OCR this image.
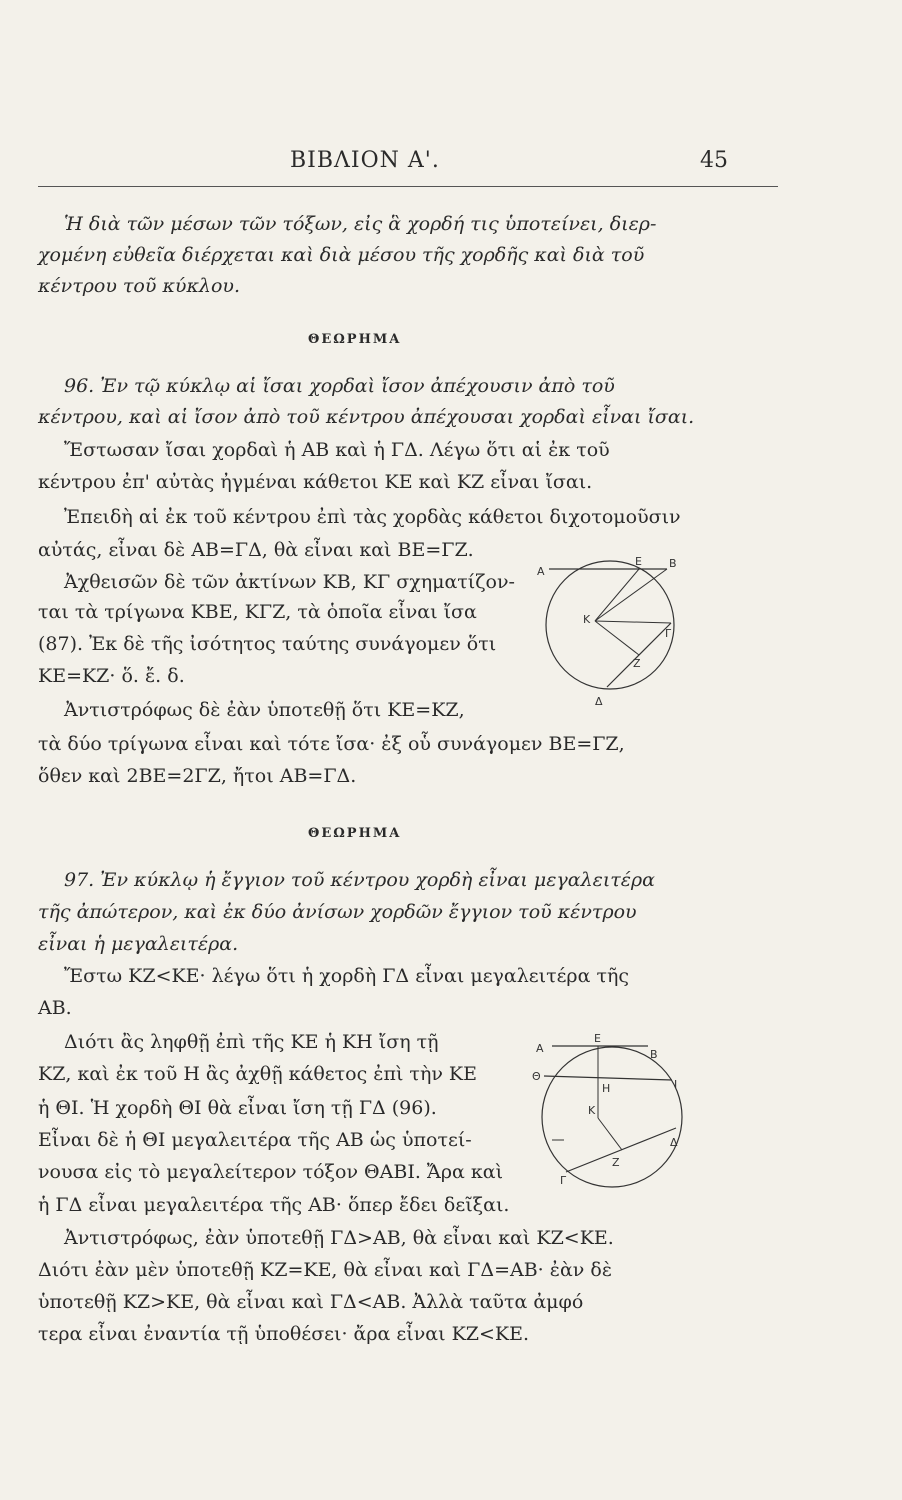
ΒΙΒΛΙΟΝ Α'.	45
Ἡ διὰ τῶν μέσων τῶν τόξων, εἰς ἃ χορδή τις ὑποτείνει, διερ-
χομένη εὐθεῖα διέρχεται καὶ διὰ μέσου τῆς χορδῆς καὶ διὰ τοῦ
κέντρου τοῦ κύκλου.
ΘΕΩΡΗΜΑ
96. Ἐν τῷ κύκλῳ αἱ ἴσαι χορδαὶ ἴσον ἀπέχουσιν ἀπὸ τοῦ
κέντρου, καὶ αἱ ἴσον ἀπὸ τοῦ κέντρου ἀπέχουσαι χορδαὶ εἶναι ἴσαι.
Ἔστωσαν ἴσαι χορδαὶ ἡ ΑΒ καὶ ἡ ΓΔ. Λέγω ὅτι αἱ ἐκ τοῦ
κέντρου ἐπ' αὐτὰς ἠγμέναι κάθετοι ΚΕ καὶ ΚΖ εἶναι ἴσαι.
Ἐπειδὴ αἱ ἐκ τοῦ κέντρου ἐπὶ τὰς χορδὰς κάθετοι διχοτομοῦσιν
αὐτάς, εἶναι δὲ ΑΒ=ΓΔ, θὰ εἶναι καὶ ΒΕ=ΓΖ.
Ἀχθεισῶν δὲ τῶν ἀκτίνων ΚΒ, ΚΓ σχηματίζον-
ται τὰ τρίγωνα ΚΒΕ, ΚΓΖ, τὰ ὁποῖα εἶναι ἴσα
(87). Ἐκ δὲ τῆς ἰσότητος ταύτης συνάγομεν ὅτι
ΚΕ=ΚΖ· ὅ. ἔ. δ.
Ἀντιστρόφως δὲ ἐὰν ὑποτεθῇ ὅτι ΚΕ=ΚΖ,
τὰ δύο τρίγωνα εἶναι καὶ τότε ἴσα· ἐξ οὗ συνάγομεν ΒΕ=ΓΖ,
ὅθεν καὶ 2ΒΕ=2ΓΖ, ἤτοι ΑΒ=ΓΔ.
A
E B
K
Γ
Z
Δ
ΘΕΩΡΗΜΑ
97. Ἐν κύκλῳ ἡ ἔγγιον τοῦ κέντρου χορδὴ εἶναι μεγαλειτέρα
τῆς ἀπώτερον, καὶ ἐκ δύο ἀνίσων χορδῶν ἔγγιον τοῦ κέντρου
εἶναι ἡ μεγαλειτέρα.
Ἔστω ΚΖ<ΚΕ· λέγω ὅτι ἡ χορδὴ ΓΔ εἶναι μεγαλειτέρα τῆς
ΑΒ.
Διότι ἂς ληφθῇ ἐπὶ τῆς ΚΕ ἡ ΚΗ ἴση τῇ
ΚΖ, καὶ ἐκ τοῦ Η ἂς ἀχθῇ κάθετος ἐπὶ τὴν ΚΕ
ἡ ΘΙ. Ἡ χορδὴ ΘΙ θὰ εἶναι ἴση τῇ ΓΔ (96).
Εἶναι δὲ ἡ ΘΙ μεγαλειτέρα τῆς ΑΒ ὡς ὑποτεί-
νουσα εἰς τὸ μεγαλείτερον τόξον ΘΑΒΙ. Ἄρα καὶ
ἡ ΓΔ εἶναι μεγαλειτέρα τῆς ΑΒ· ὅπερ ἔδει δεῖξαι.
Ἀντιστρόφως, ἐὰν ὑποτεθῇ ΓΔ>ΑΒ, θὰ εἶναι καὶ ΚΖ<ΚΕ.
Διότι ἐὰν μὲν ὑποτεθῇ ΚΖ=ΚΕ, θὰ εἶναι καὶ ΓΔ=ΑΒ· ἐὰν δὲ
ὑποτεθῇ ΚΖ>ΚΕ, θὰ εἶναι καὶ ΓΔ<ΑΒ. Ἀλλὰ ταῦτα ἀμφό
τερα εἶναι ἐναντία τῇ ὑποθέσει· ἄρα εἶναι ΚΖ<ΚΕ.
A
E
B
Θ
H	I
K
Δ
Z
Γ
